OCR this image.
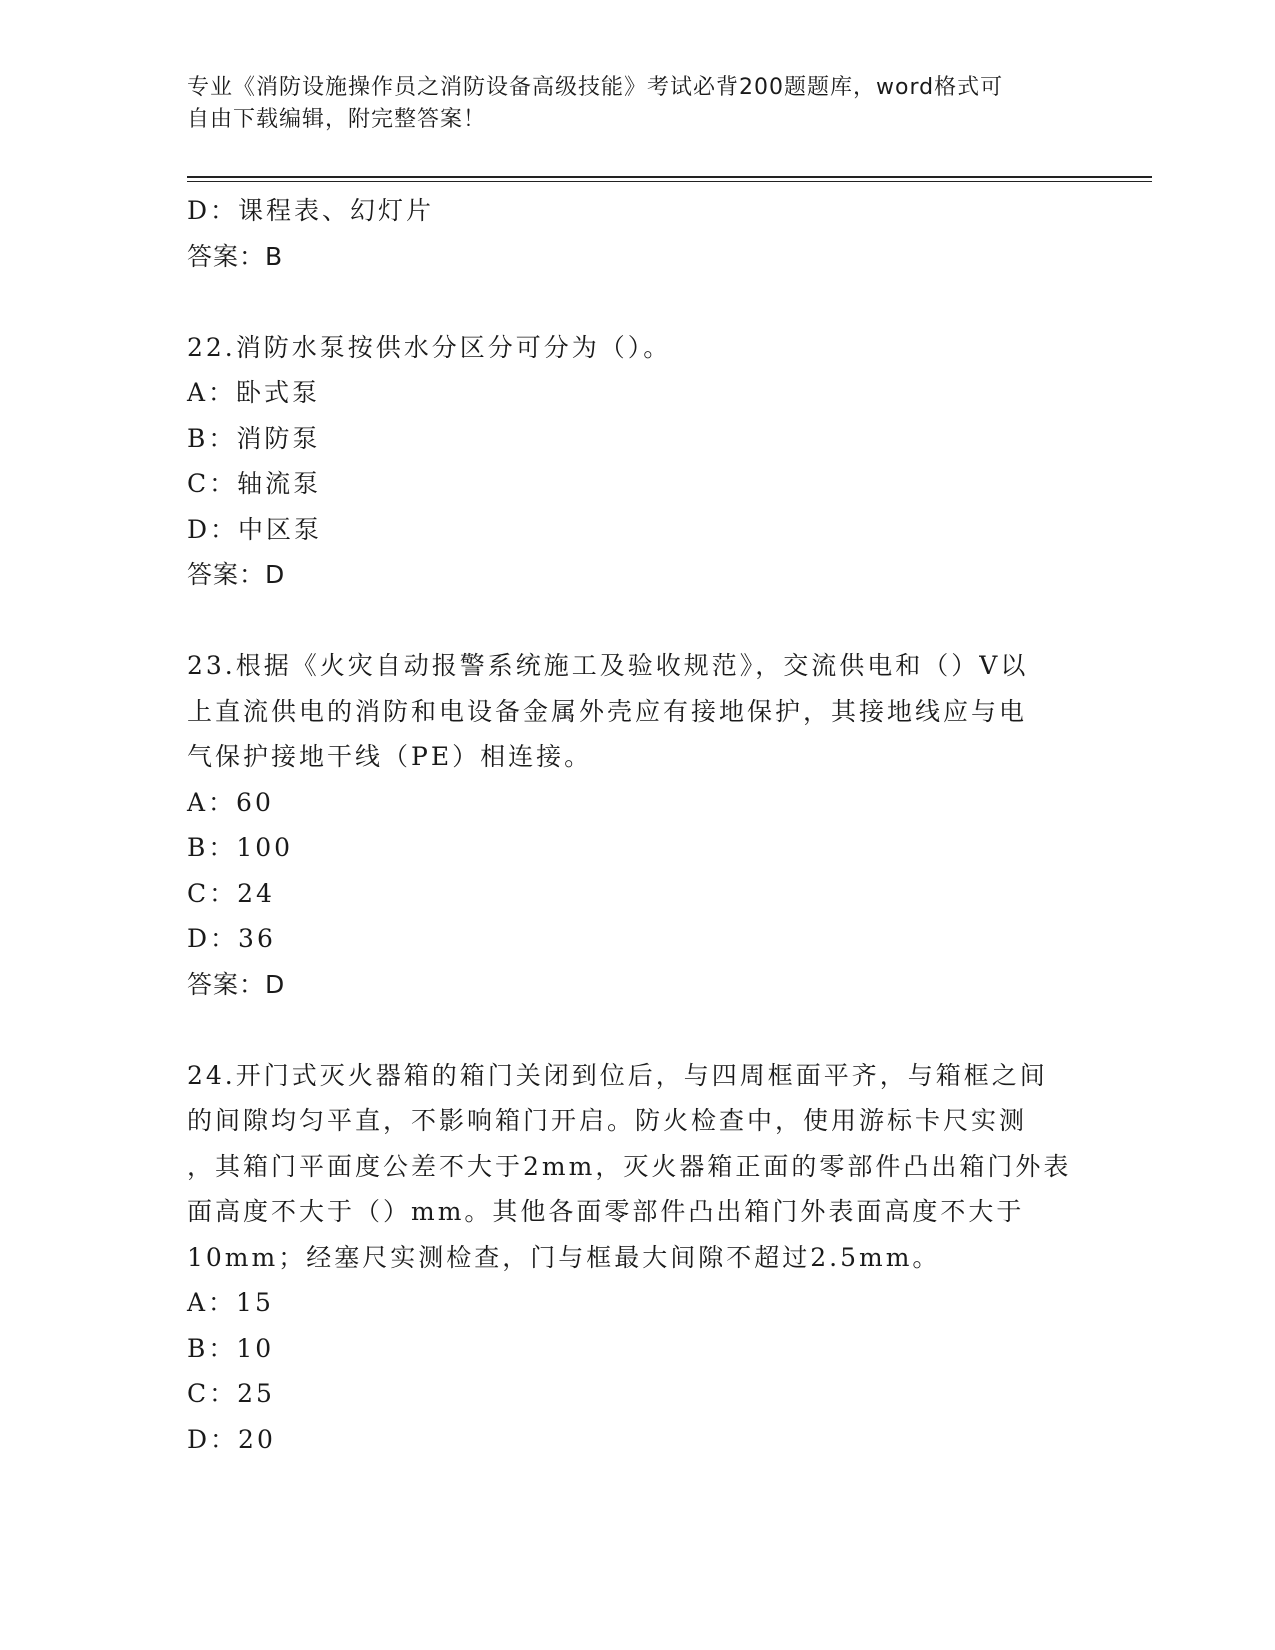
专业《消防设施操作员之消防设备高级技能》考试必背200题题库，word格式可
自由下载编辑，附完整答案！
D：课程表、幻灯片
答案：B
22.消防水泵按供水分区分可分为（）。
A：卧式泵
B：消防泵
C：轴流泵
D：中区泵
答案：D
23.根据《火灾自动报警系统施工及验收规范》，交流供电和（）V以
上直流供电的消防和电设备金属外壳应有接地保护，其接地线应与电
气保护接地干线（PE）相连接。
A：60
B：100
C：24
D：36
答案：D
24.开门式灭火器箱的箱门关闭到位后，与四周框面平齐，与箱框之间
的间隙均匀平直，不影响箱门开启。防火检查中，使用游标卡尺实测
，其箱门平面度公差不大于2mm，灭火器箱正面的零部件凸出箱门外表
面高度不大于（）mm。其他各面零部件凸出箱门外表面高度不大于
10mm；经塞尺实测检查，门与框最大间隙不超过2.5mm。
A：15
B：10
C：25
D：20
